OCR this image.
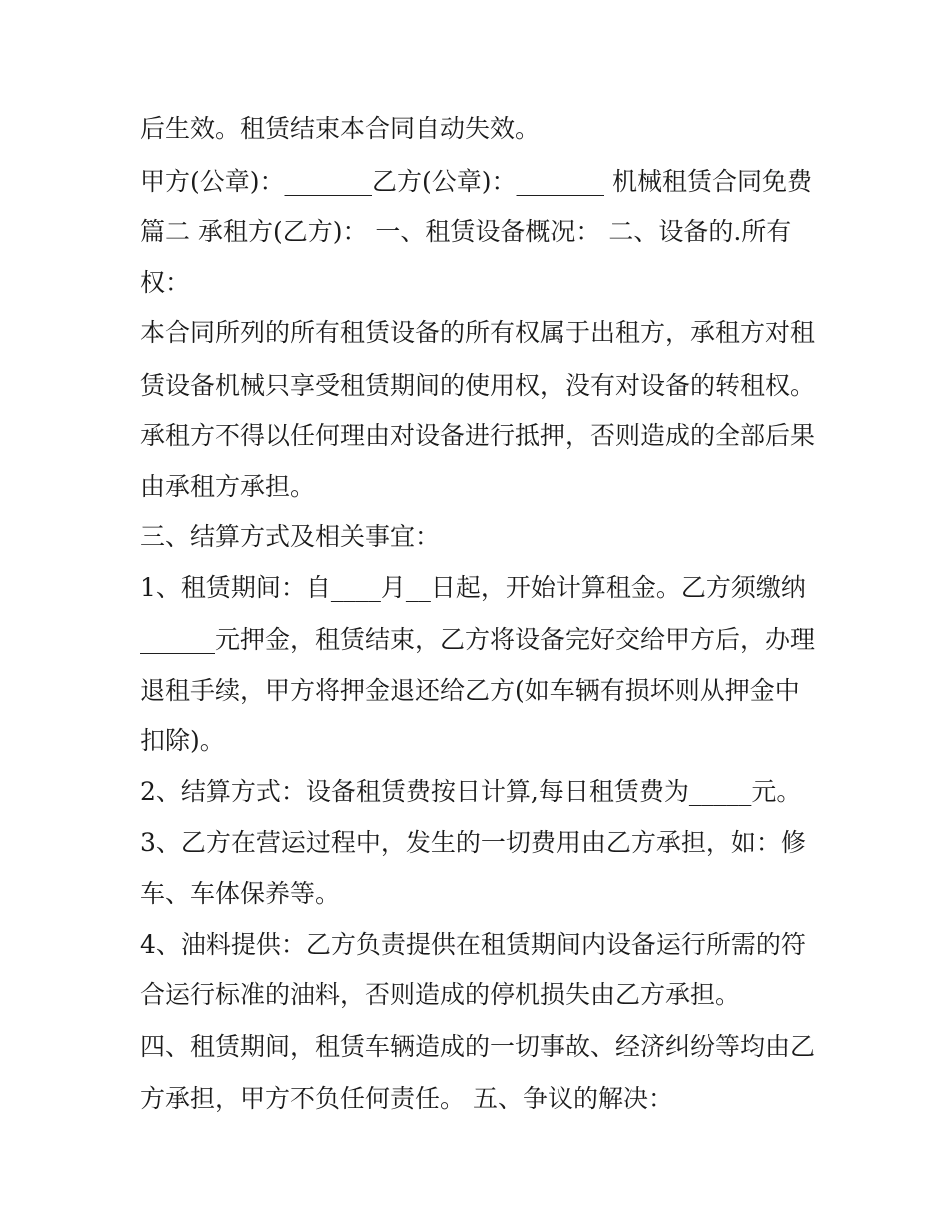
后生效。租赁结束本合同自动失效。
甲方(公章)：_______乙方(公章)：_______ 机械租赁合同免费
篇二 承租方(乙方)： 一、租赁设备概况： 二、设备的.所有
权：
本合同所列的所有租赁设备的所有权属于出租方，承租方对租
赁设备机械只享受租赁期间的使用权，没有对设备的转租权。
承租方不得以任何理由对设备进行抵押，否则造成的全部后果
由承租方承担。
三、结算方式及相关事宜：
1、租赁期间：自____月__日起，开始计算租金。乙方须缴纳
______元押金，租赁结束，乙方将设备完好交给甲方后，办理
退租手续，甲方将押金退还给乙方(如车辆有损坏则从押金中
扣除)。
2、结算方式：设备租赁费按日计算,每日租赁费为_____元。
3、乙方在营运过程中，发生的一切费用由乙方承担，如：修
车、车体保养等。
4、油料提供：乙方负责提供在租赁期间内设备运行所需的符
合运行标准的油料，否则造成的停机损失由乙方承担。
四、租赁期间，租赁车辆造成的一切事故、经济纠纷等均由乙
方承担，甲方不负任何责任。 五、争议的解决：
